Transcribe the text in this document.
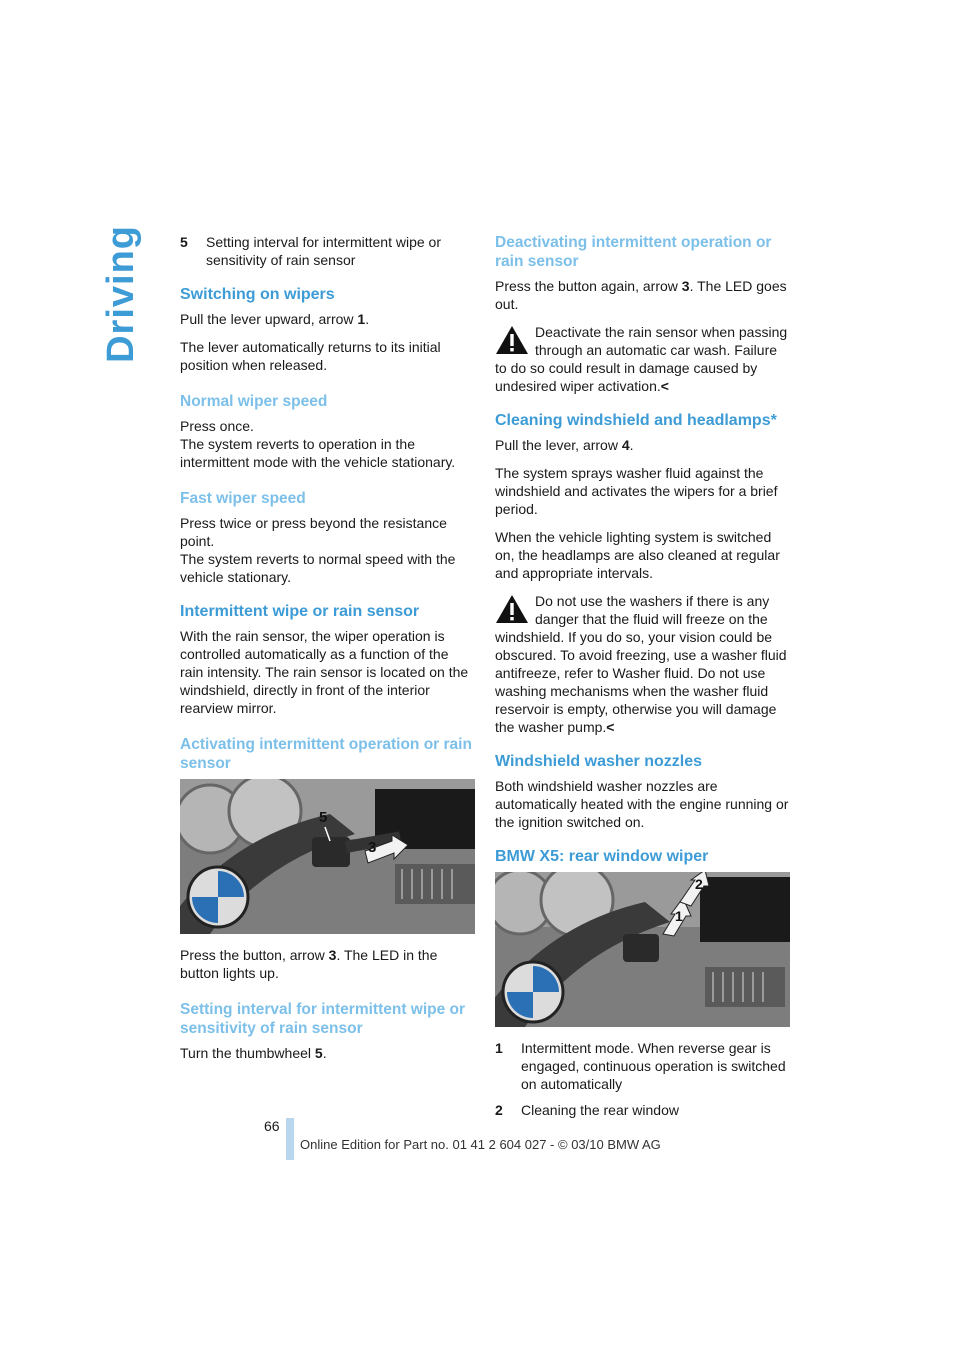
Driving	5	Setting interval for intermittent wipe or sensitivity of rain sensor
Switching on wipers

Pull the lever upward, arrow 1.

The lever automatically returns to its initial position when released.

Normal wiper speed

Press once.

The system reverts to operation in the intermittent mode with the vehicle stationary.

Fast wiper speed

Press twice or press beyond the resistance point.

The system reverts to normal speed with the vehicle stationary.

Intermittent wipe or rain sensor

With the rain sensor, the wiper operation is controlled automatically as a function of the rain intensity. The rain sensor is located on the windshield, directly in front of the interior rearview mirror.

Activating intermittent operation or rain sensor
5
3

Press the button, arrow 3. The LED in the button lights up.

Setting interval for intermittent wipe or sensitivity of rain sensor

Turn the thumbwheel 5.

Deactivating intermittent operation or rain sensor

Press the button again, arrow 3. The LED goes out.

Deactivate the rain sensor when passing through an automatic car wash. Failure to do so could result in damage caused by undesired wiper activation.<
Cleaning windshield and headlamps*

Pull the lever, arrow 4.

The system sprays washer fluid against the windshield and activates the wipers for a brief period.

When the vehicle lighting system is switched on, the headlamps are also cleaned at regular and appropriate intervals.

Do not use the washers if there is any danger that the fluid will freeze on the windshield. If you do so, your vision could be obscured. To avoid freezing, use a washer fluid antifreeze, refer to Washer fluid. Do not use washing mechanisms when the washer fluid reservoir is empty, otherwise you will damage the washer pump.<
Windshield washer nozzles

Both windshield washer nozzles are automatically heated with the engine running or the ignition switched on.

BMW X5: rear window wiper
2
1
1	Intermittent mode. When reverse gear is engaged, continuous operation is switched on automatically
2	Cleaning the rear window
66
Online Edition for Part no. 01 41 2 604 027 - © 03/10 BMW AG
